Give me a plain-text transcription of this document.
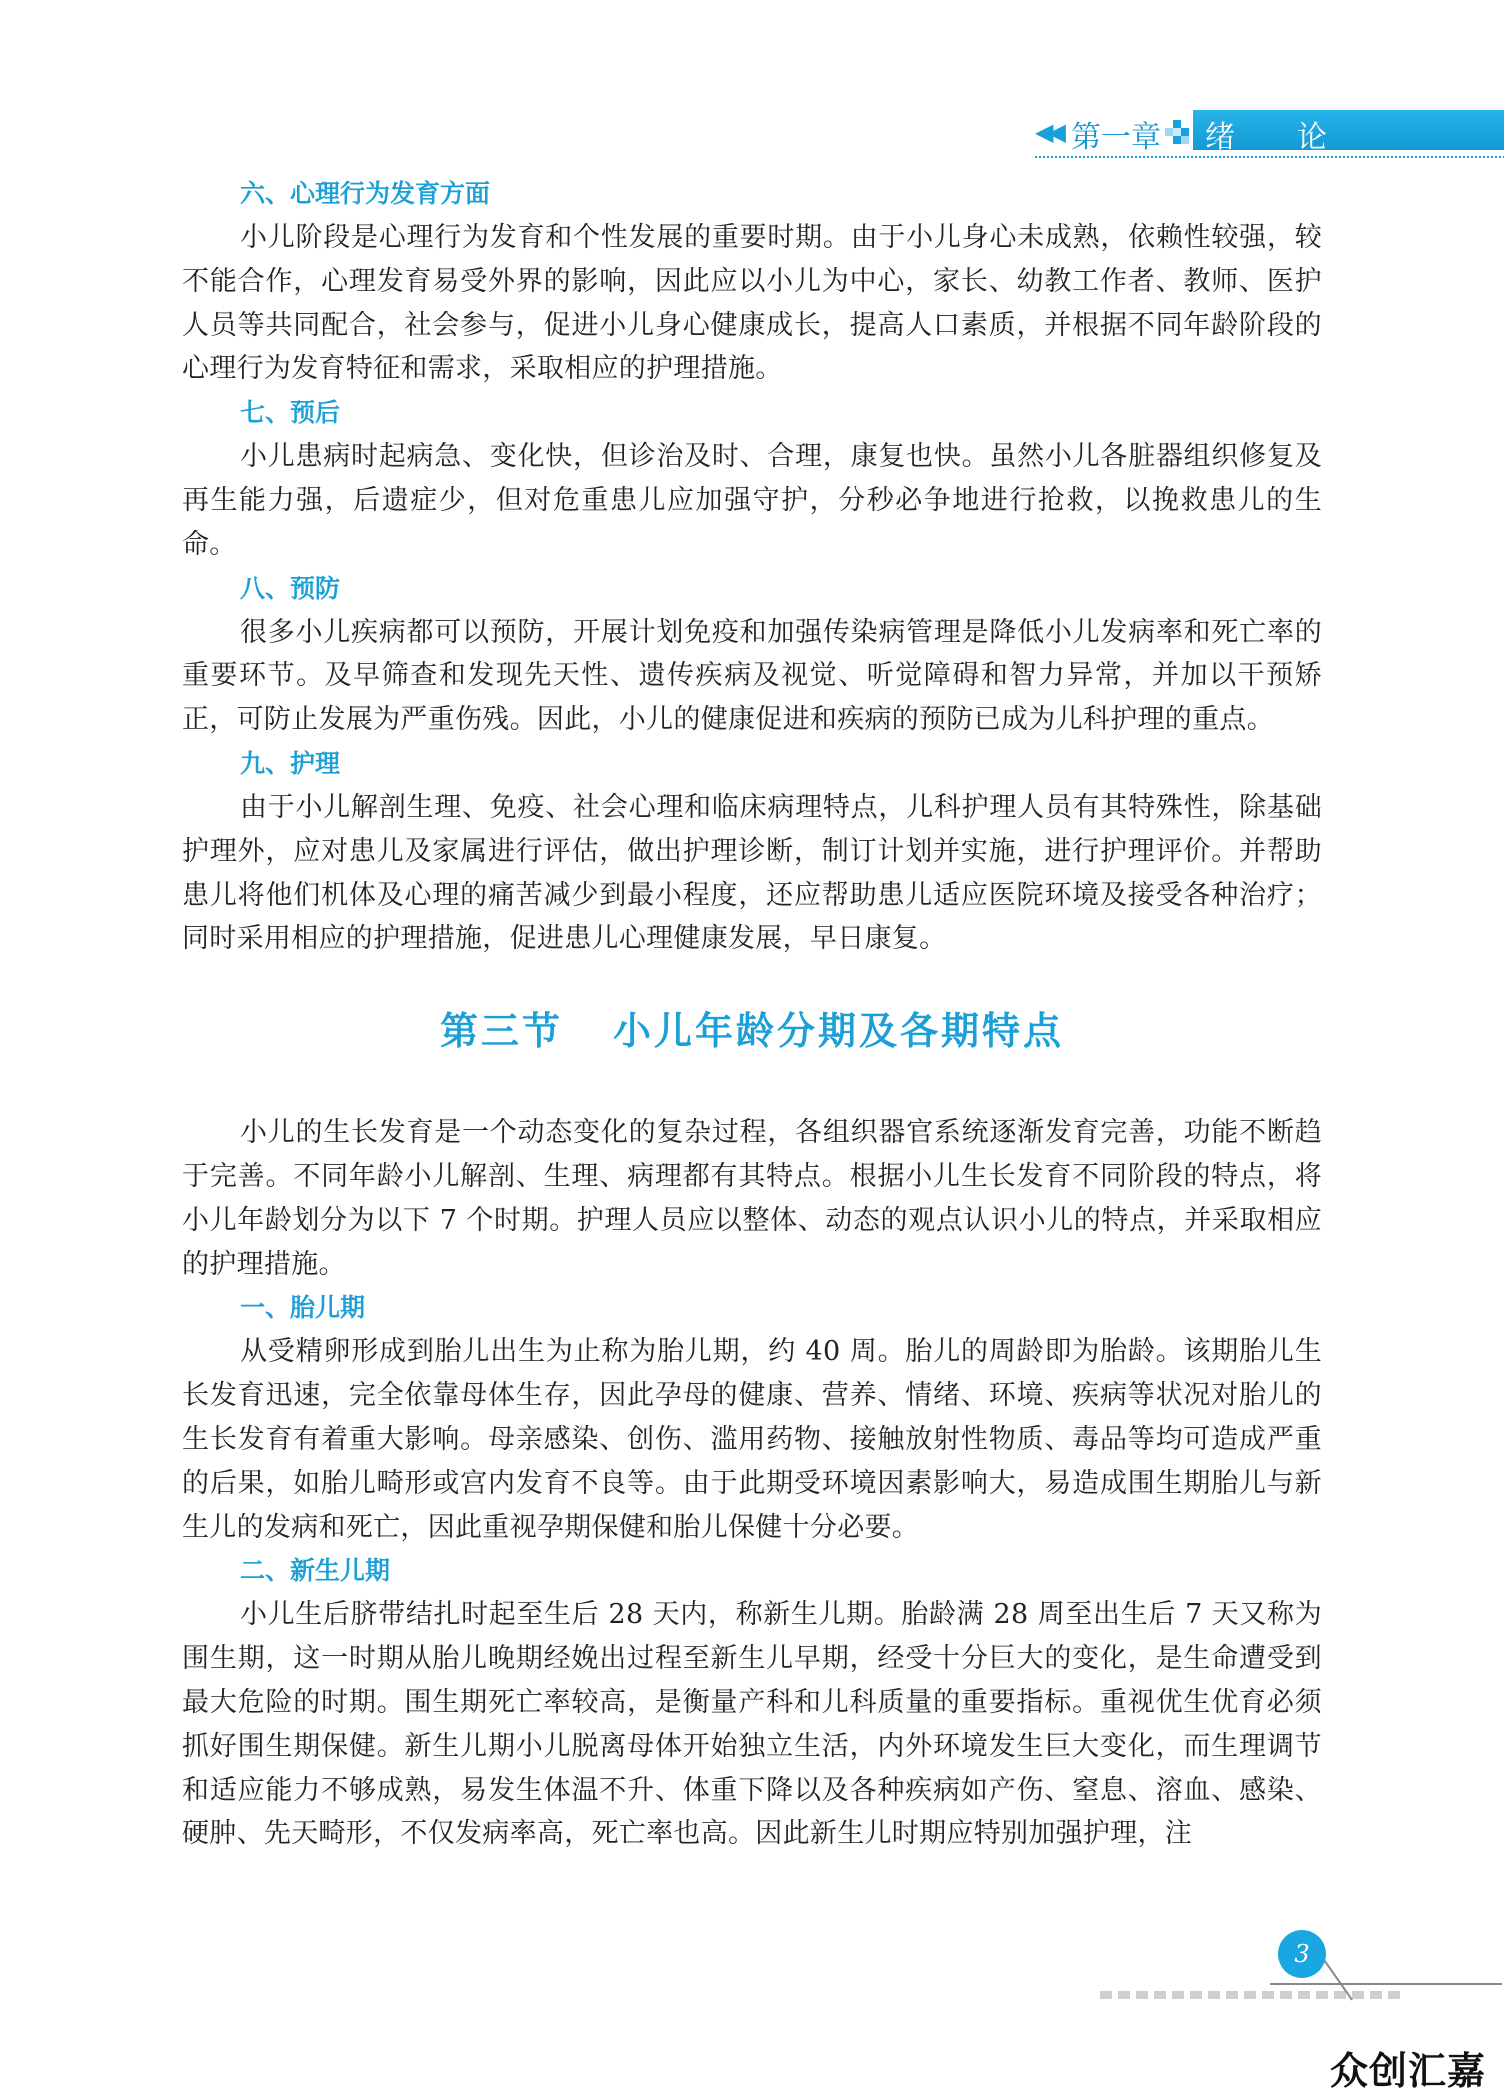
◀◀ 第一章 绪论

六、心理行为发育方面

小儿阶段是心理行为发育和个性发展的重要时期。由于小儿身心未成熟，依赖性较强，较不能合作，心理发育易受外界的影响，因此应以小儿为中心，家长、幼教工作者、教师、医护人员等共同配合，社会参与，促进小儿身心健康成长，提高人口素质，并根据不同年龄阶段的心理行为发育特征和需求，采取相应的护理措施。

七、预后

小儿患病时起病急、变化快，但诊治及时、合理，康复也快。虽然小儿各脏器组织修复及再生能力强，后遗症少，但对危重患儿应加强守护，分秒必争地进行抢救，以挽救患儿的生命。

八、预防

很多小儿疾病都可以预防，开展计划免疫和加强传染病管理是降低小儿发病率和死亡率的重要环节。及早筛查和发现先天性、遗传疾病及视觉、听觉障碍和智力异常，并加以干预矫正，可防止发展为严重伤残。因此，小儿的健康促进和疾病的预防已成为儿科护理的重点。

九、护理

由于小儿解剖生理、免疫、社会心理和临床病理特点，儿科护理人员有其特殊性，除基础护理外，应对患儿及家属进行评估，做出护理诊断，制订计划并实施，进行护理评价。并帮助患儿将他们机体及心理的痛苦减少到最小程度，还应帮助患儿适应医院环境及接受各种治疗；同时采用相应的护理措施，促进患儿心理健康发展，早日康复。

第三节 小儿年龄分期及各期特点

小儿的生长发育是一个动态变化的复杂过程，各组织器官系统逐渐发育完善，功能不断趋于完善。不同年龄小儿解剖、生理、病理都有其特点。根据小儿生长发育不同阶段的特点，将小儿年龄划分为以下 7 个时期。护理人员应以整体、动态的观点认识小儿的特点，并采取相应的护理措施。

一、胎儿期

从受精卵形成到胎儿出生为止称为胎儿期，约 40 周。胎儿的周龄即为胎龄。该期胎儿生长发育迅速，完全依靠母体生存，因此孕母的健康、营养、情绪、环境、疾病等状况对胎儿的生长发育有着重大影响。母亲感染、创伤、滥用药物、接触放射性物质、毒品等均可造成严重的后果，如胎儿畸形或宫内发育不良等。由于此期受环境因素影响大，易造成围生期胎儿与新生儿的发病和死亡，因此重视孕期保健和胎儿保健十分必要。

二、新生儿期

小儿生后脐带结扎时起至生后 28 天内，称新生儿期。胎龄满 28 周至出生后 7 天又称为围生期，这一时期从胎儿晚期经娩出过程至新生儿早期，经受十分巨大的变化，是生命遭受到最大危险的时期。围生期死亡率较高，是衡量产科和儿科质量的重要指标。重视优生优育必须抓好围生期保健。新生儿期小儿脱离母体开始独立生活，内外环境发生巨大变化，而生理调节和适应能力不够成熟，易发生体温不升、体重下降以及各种疾病如产伤、窒息、溶血、感染、硬肿、先天畸形，不仅发病率高，死亡率也高。因此新生儿时期应特别加强护理，注

3
众创汇嘉
